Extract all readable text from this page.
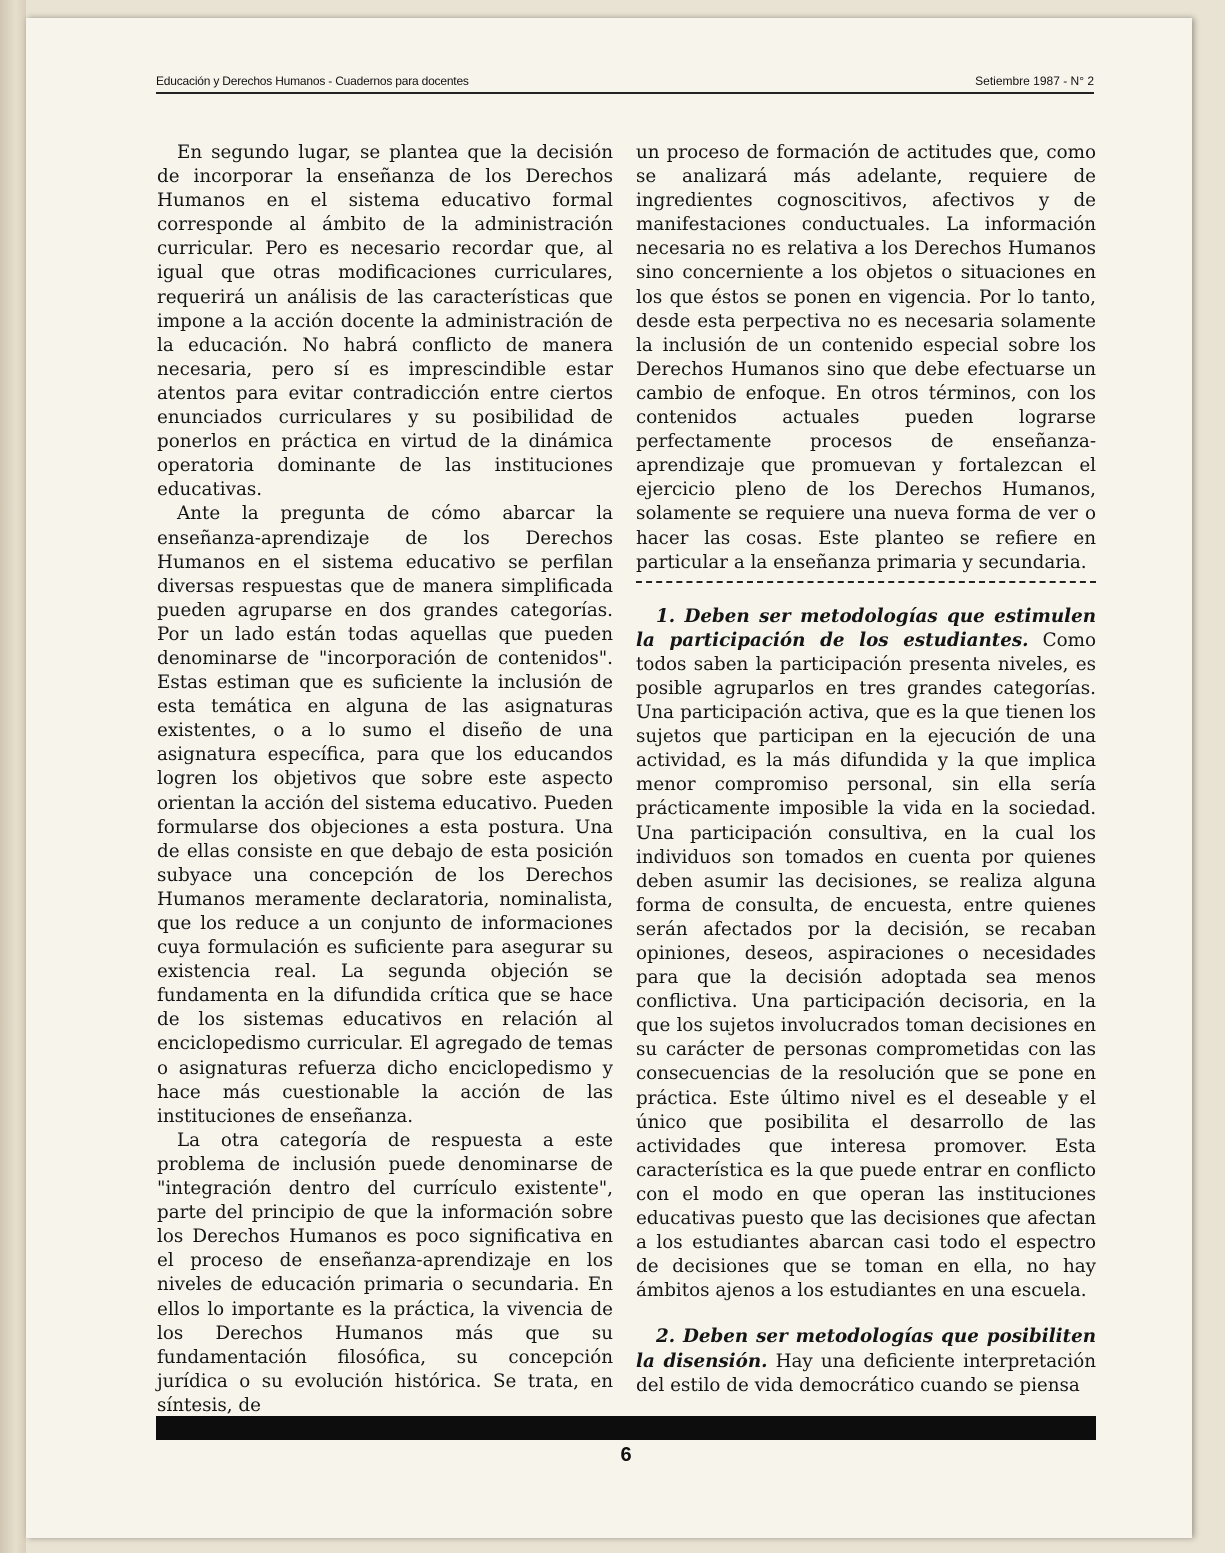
Educación y Derechos Humanos - Cuadernos para docentes	Setiembre 1987 - N° 2

En segundo lugar, se plantea que la decisión de incorporar la enseñanza de los Derechos Humanos en el sistema educativo formal corresponde al ámbito de la administración curricular. Pero es necesario recordar que, al igual que otras modificaciones curriculares, requerirá un análisis de las características que impone a la acción docente la administración de la educación. No habrá conflicto de manera necesaria, pero sí es imprescindible estar atentos para evitar contradicción entre ciertos enunciados curriculares y su posibilidad de ponerlos en práctica en virtud de la dinámica operatoria dominante de las instituciones educativas.

Ante la pregunta de cómo abarcar la enseñanza-aprendizaje de los Derechos Humanos en el sistema educativo se perfilan diversas respuestas que de manera simplificada pueden agruparse en dos grandes categorías. Por un lado están todas aquellas que pueden denominarse de "incorporación de contenidos". Estas estiman que es suficiente la inclusión de esta temática en alguna de las asignaturas existentes, o a lo sumo el diseño de una asignatura específica, para que los educandos logren los objetivos que sobre este aspecto orientan la acción del sistema educativo. Pueden formularse dos objeciones a esta postura. Una de ellas consiste en que debajo de esta posición subyace una concepción de los Derechos Humanos meramente declaratoria, nominalista, que los reduce a un conjunto de informaciones cuya formulación es suficiente para asegurar su existencia real. La segunda objeción se fundamenta en la difundida crítica que se hace de los sistemas educativos en relación al enciclopedismo curricular. El agregado de temas o asignaturas refuerza dicho enciclopedismo y hace más cuestionable la acción de las instituciones de enseñanza.

La otra categoría de respuesta a este problema de inclusión puede denominarse de "integración dentro del currículo existente", parte del principio de que la información sobre los Derechos Humanos es poco significativa en el proceso de enseñanza-aprendizaje en los niveles de educación primaria o secundaria. En ellos lo importante es la práctica, la vivencia de los Derechos Humanos más que su fundamentación filosófica, su concepción jurídica o su evolución histórica. Se trata, en síntesis, de

un proceso de formación de actitudes que, como se analizará más adelante, requiere de ingredientes cognoscitivos, afectivos y de manifestaciones conductuales. La información necesaria no es relativa a los Derechos Humanos sino concerniente a los objetos o situaciones en los que éstos se ponen en vigencia. Por lo tanto, desde esta perpectiva no es necesaria solamente la inclusión de un contenido especial sobre los Derechos Humanos sino que debe efectuarse un cambio de enfoque. En otros términos, con los contenidos actuales pueden lograrse perfectamente procesos de enseñanza-aprendizaje que promuevan y fortalezcan el ejercicio pleno de los Derechos Humanos, solamente se requiere una nueva forma de ver o hacer las cosas. Este planteo se refiere en particular a la enseñanza primaria y secundaria.

1. Deben ser metodologías que estimulen la participación de los estudiantes. Como todos saben la participación presenta niveles, es posible agruparlos en tres grandes categorías. Una participación activa, que es la que tienen los sujetos que participan en la ejecución de una actividad, es la más difundida y la que implica menor compromiso personal, sin ella sería prácticamente imposible la vida en la sociedad. Una participación consultiva, en la cual los individuos son tomados en cuenta por quienes deben asumir las decisiones, se realiza alguna forma de consulta, de encuesta, entre quienes serán afectados por la decisión, se recaban opiniones, deseos, aspiraciones o necesidades para que la decisión adoptada sea menos conflictiva. Una participación decisoria, en la que los sujetos involucrados toman decisiones en su carácter de personas comprometidas con las consecuencias de la resolución que se pone en práctica. Este último nivel es el deseable y el único que posibilita el desarrollo de las actividades que interesa promover. Esta característica es la que puede entrar en conflicto con el modo en que operan las instituciones educativas puesto que las decisiones que afectan a los estudiantes abarcan casi todo el espectro de decisiones que se toman en ella, no hay ámbitos ajenos a los estudiantes en una escuela.

2. Deben ser metodologías que posibiliten la disensión. Hay una deficiente interpretación del estilo de vida democrático cuando se piensa

6
